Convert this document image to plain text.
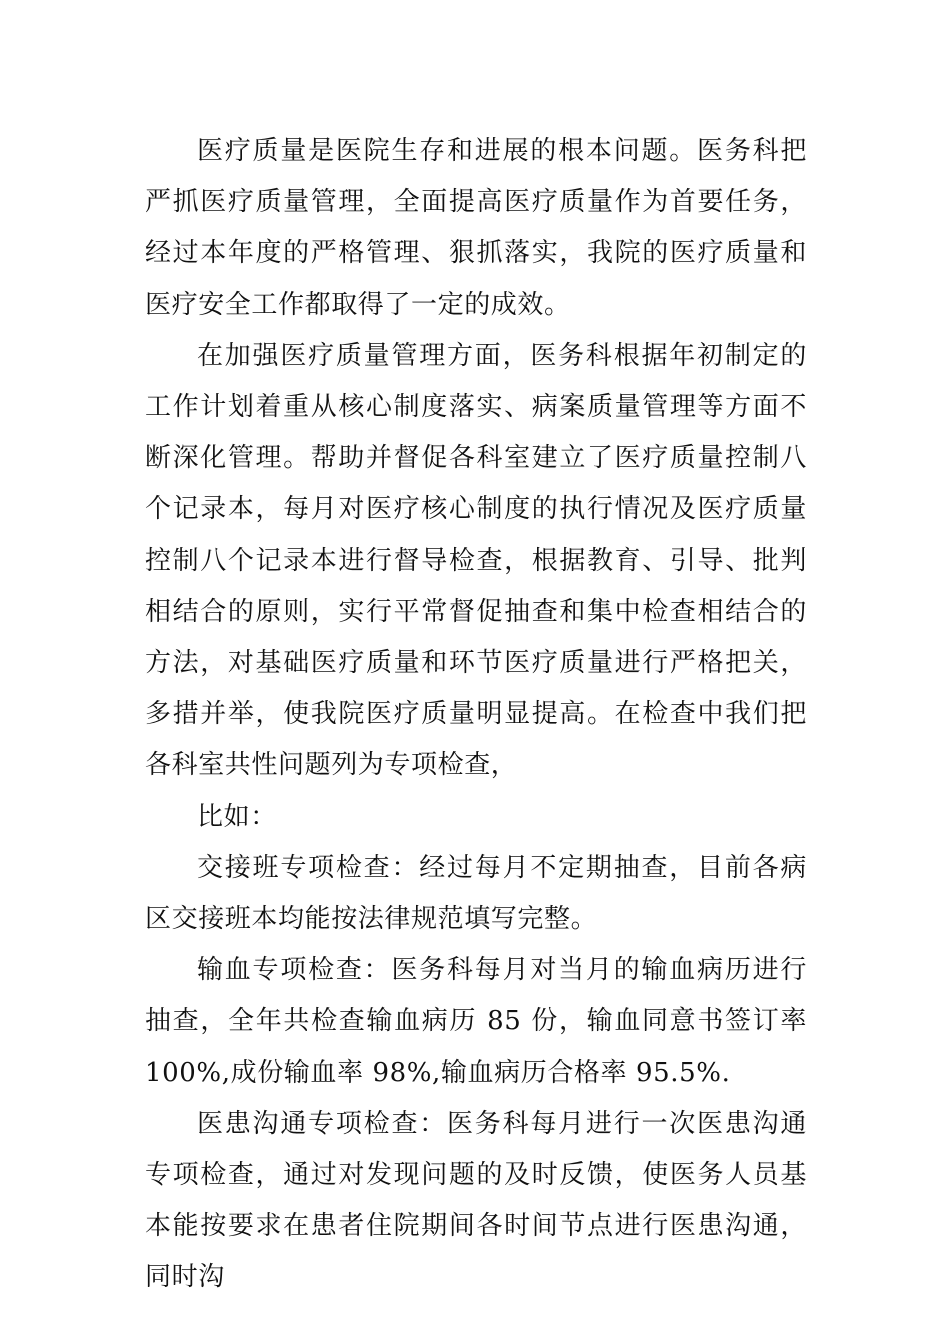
医疗质量是医院生存和进展的根本问题。医务科把严抓医疗质量管理，全面提高医疗质量作为首要任务，经过本年度的严格管理、狠抓落实，我院的医疗质量和医疗安全工作都取得了一定的成效。

在加强医疗质量管理方面，医务科根据年初制定的工作计划着重从核心制度落实、病案质量管理等方面不断深化管理。帮助并督促各科室建立了医疗质量控制八个记录本，每月对医疗核心制度的执行情况及医疗质量控制八个记录本进行督导检查，根据教育、引导、批判相结合的原则，实行平常督促抽查和集中检查相结合的方法，对基础医疗质量和环节医疗质量进行严格把关，多措并举，使我院医疗质量明显提高。在检查中我们把各科室共性问题列为专项检查，

比如：

交接班专项检查：经过每月不定期抽查，目前各病区交接班本均能按法律规范填写完整。

输血专项检查：医务科每月对当月的输血病历进行抽查，全年共检查输血病历 85 份，输血同意书签订率 100%,成份输血率 98%,输血病历合格率 95.5%.

医患沟通专项检查：医务科每月进行一次医患沟通专项检查，通过对发现问题的及时反馈，使医务人员基本能按要求在患者住院期间各时间节点进行医患沟通，同时沟
